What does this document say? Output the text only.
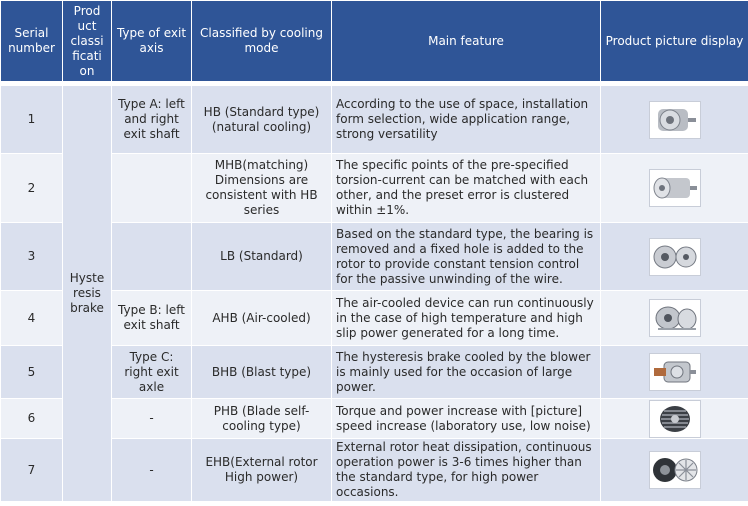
Serial number	Prod uct classi ficati on	Type of exit axis	Classified by cooling mode	Main feature	Product picture display

1	Hyste resis brake	Type A: left and right exit shaft	HB (Standard type) (natural cooling)	According to the use of space, installation form selection, wide application range, strong versatility	

2			MHB(matching) Dimensions are consistent with HB series	The specific points of the pre-specified torsion-current can be matched with each other, and the preset error is clustered within ±1%.	

3			LB (Standard)	Based on the standard type, the bearing is removed and a fixed hole is added to the rotor to provide constant tension control for the passive unwinding of the wire.	

4		Type B: left exit shaft	AHB (Air-cooled)	The air-cooled device can run continuously in the case of high temperature and high slip power generated for a long time.	

5		Type C: right exit axle	BHB (Blast type)	The hysteresis brake cooled by the blower is mainly used for the occasion of large power.	

6		-	PHB (Blade self-cooling type)	Torque and power increase with [picture] speed increase (laboratory use, low noise)	

7		-	EHB(External rotor High power)	External rotor heat dissipation, continuous operation power is 3-6 times higher than the standard type, for high power occasions.	
